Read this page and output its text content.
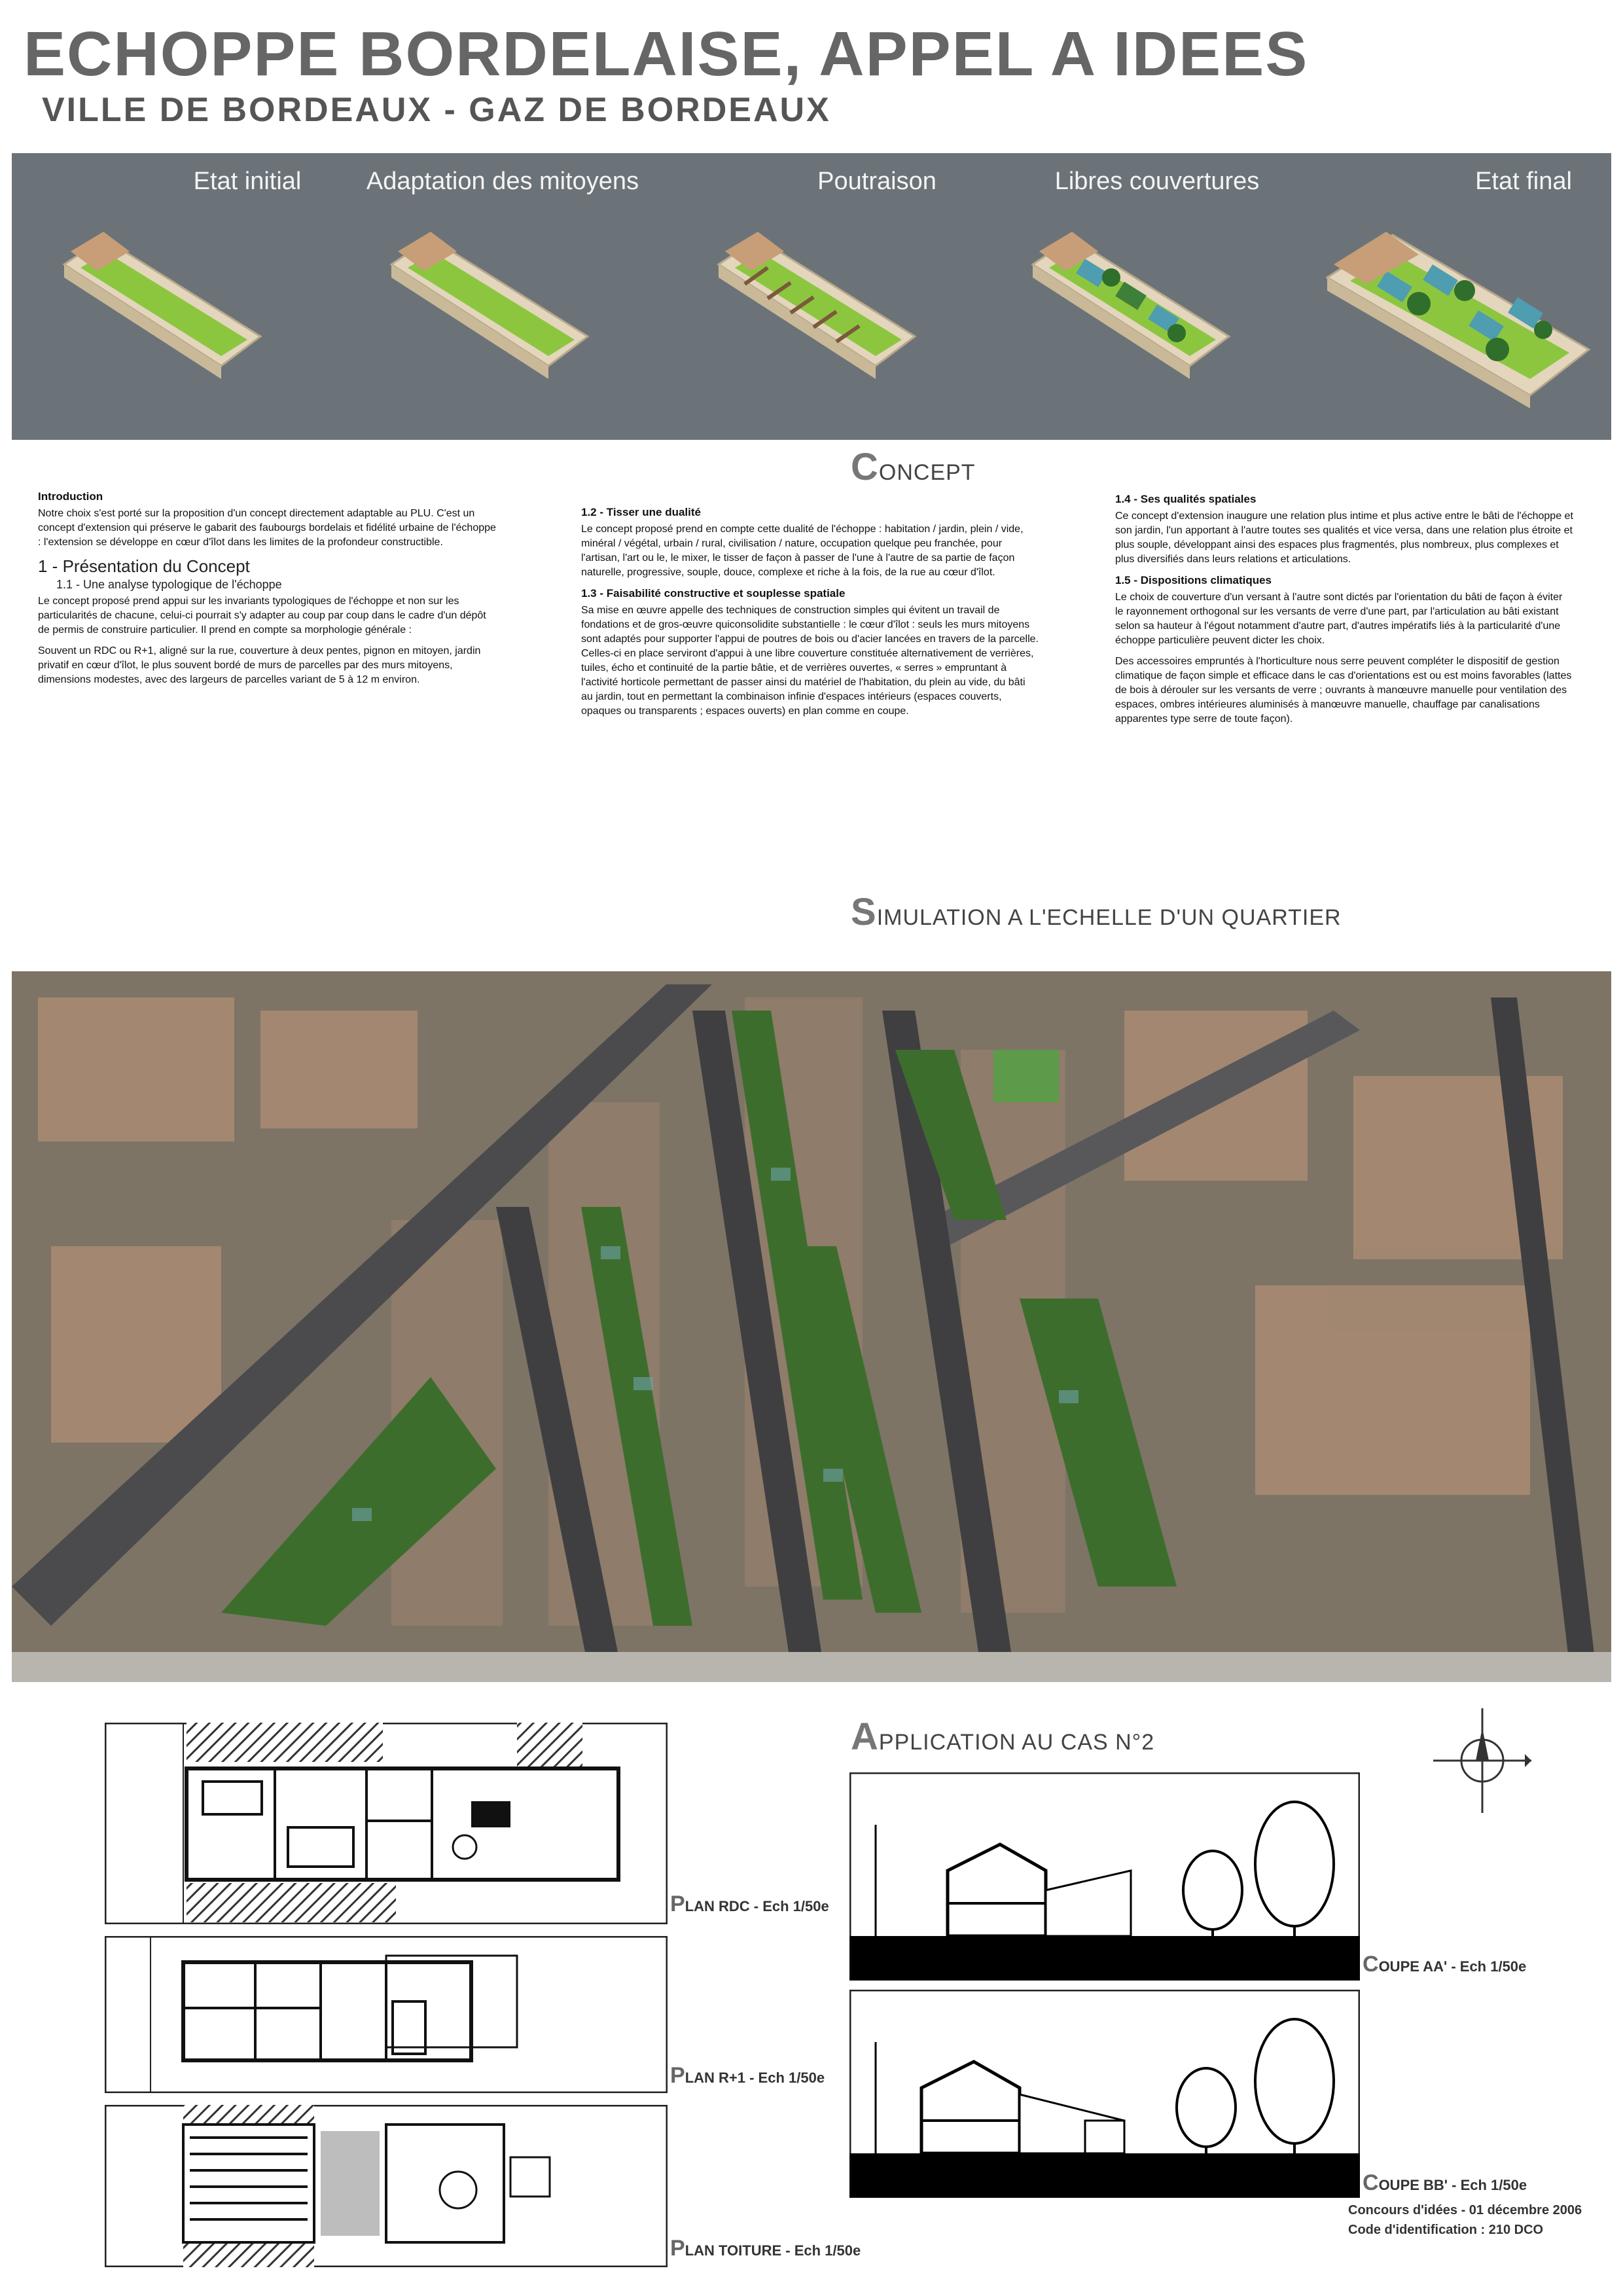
ECHOPPE BORDELAISE, APPEL A IDEES
VILLE DE BORDEAUX - GAZ DE BORDEAUX
Etat initial	Adaptation des mitoyens	Poutraison	Libres couvertures	Etat final
CONCEPT

Introduction

Notre choix s'est porté sur la proposition d'un concept directement adaptable au PLU. C'est un concept d'extension qui préserve le gabarit des faubourgs bordelais et fidélité urbaine de l'échoppe : l'extension se développe en cœur d'îlot dans les limites de la profondeur constructible.

1 - Présentation du Concept

1.1 - Une analyse typologique de l'échoppe

Le concept proposé prend appui sur les invariants typologiques de l'échoppe et non sur les particularités de chacune, celui-ci pourrait s'y adapter au coup par coup dans le cadre d'un dépôt de permis de construire particulier. Il prend en compte sa morphologie générale :

Souvent un RDC ou R+1, aligné sur la rue, couverture à deux pentes, pignon en mitoyen, jardin privatif en cœur d'îlot, le plus souvent bordé de murs de parcelles par des murs mitoyens, dimensions modestes, avec des largeurs de parcelles variant de 5 à 12 m environ.

1.2 - Tisser une dualité

Le concept proposé prend en compte cette dualité de l'échoppe : habitation / jardin, plein / vide, minéral / végétal, urbain / rural, civilisation / nature, occupation quelque peu franchée, pour l'artisan, l'art ou le, le mixer, le tisser de façon à passer de l'une à l'autre de sa partie de façon naturelle, progressive, souple, douce, complexe et riche à la fois, de la rue au cœur d'îlot.

1.3 - Faisabilité constructive et souplesse spatiale

Sa mise en œuvre appelle des techniques de construction simples qui évitent un travail de fondations et de gros-œuvre quiconsolidite substantielle : le cœur d'îlot : seuls les murs mitoyens sont adaptés pour supporter l'appui de poutres de bois ou d'acier lancées en travers de la parcelle. Celles-ci en place serviront d'appui à une libre couverture constituée alternativement de verrières, tuiles, écho et continuité de la partie bâtie, et de verrières ouvertes, « serres » empruntant à l'activité horticole permettant de passer ainsi du matériel de l'habitation, du plein au vide, du bâti au jardin, tout en permettant la combinaison infinie d'espaces intérieurs (espaces couverts, opaques ou transparents ; espaces ouverts) en plan comme en coupe.

1.4 - Ses qualités spatiales

Ce concept d'extension inaugure une relation plus intime et plus active entre le bâti de l'échoppe et son jardin, l'un apportant à l'autre toutes ses qualités et vice versa, dans une relation plus étroite et plus souple, développant ainsi des espaces plus fragmentés, plus nombreux, plus complexes et plus diversifiés dans leurs relations et articulations.

1.5 - Dispositions climatiques

Le choix de couverture d'un versant à l'autre sont dictés par l'orientation du bâti de façon à éviter le rayonnement orthogonal sur les versants de verre d'une part, par l'articulation au bâti existant selon sa hauteur à l'égout notamment d'autre part, d'autres impératifs liés à la particularité d'une échoppe particulière peuvent dicter les choix.

Des accessoires empruntés à l'horticulture nous serre peuvent compléter le dispositif de gestion climatique de façon simple et efficace dans le cas d'orientations est ou est moins favorables (lattes de bois à dérouler sur les versants de verre ; ouvrants à manœuvre manuelle pour ventilation des espaces, ombres intérieures aluminisés à manœuvre manuelle, chauffage par canalisations apparentes type serre de toute façon).

SIMULATION A L'ECHELLE D'UN QUARTIER
APPLICATION AU CAS N°2
PLAN RDC - Ech 1/50e
PLAN R+1 - Ech 1/50e
PLAN TOITURE - Ech 1/50e
COUPE AA' - Ech 1/50e
COUPE BB' - Ech 1/50e
Concours d'idées - 01 décembre 2006
Code d'identification : 210 DCO
